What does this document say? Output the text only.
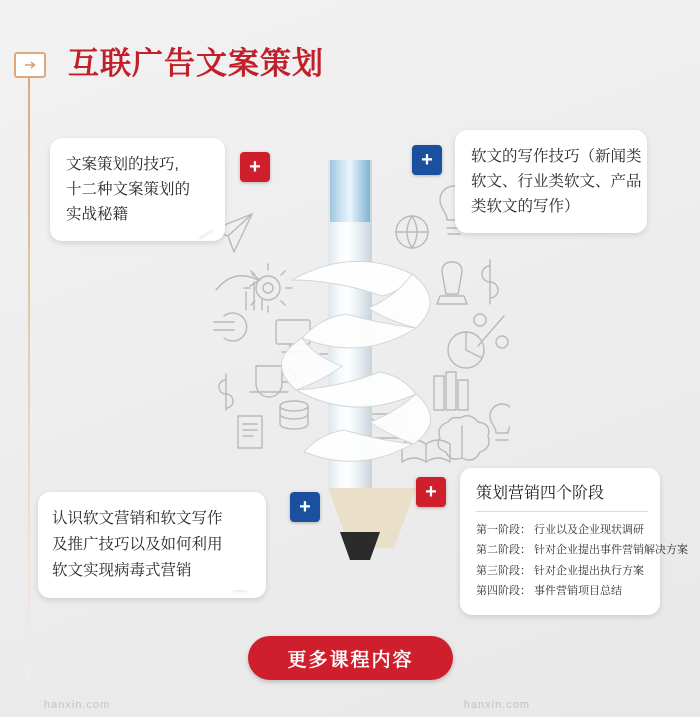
互联广告文案策划
文案策划的技巧,
十二种文案策划的
实战秘籍
软文的写作技巧（新闻类
软文、行业类软文、产品
类软文的写作）
认识软文营销和软文写作
及推广技巧以及如何利用
软文实现病毒式营销
策划营销四个阶段
第一阶段： 行业以及企业现状调研
第二阶段： 针对企业提出事件营销解决方案
第三阶段： 针对企业提出执行方案
第四阶段： 事件营销项目总结
+	+
+
+
更多课程内容
hanxin.com	hanxin.com
